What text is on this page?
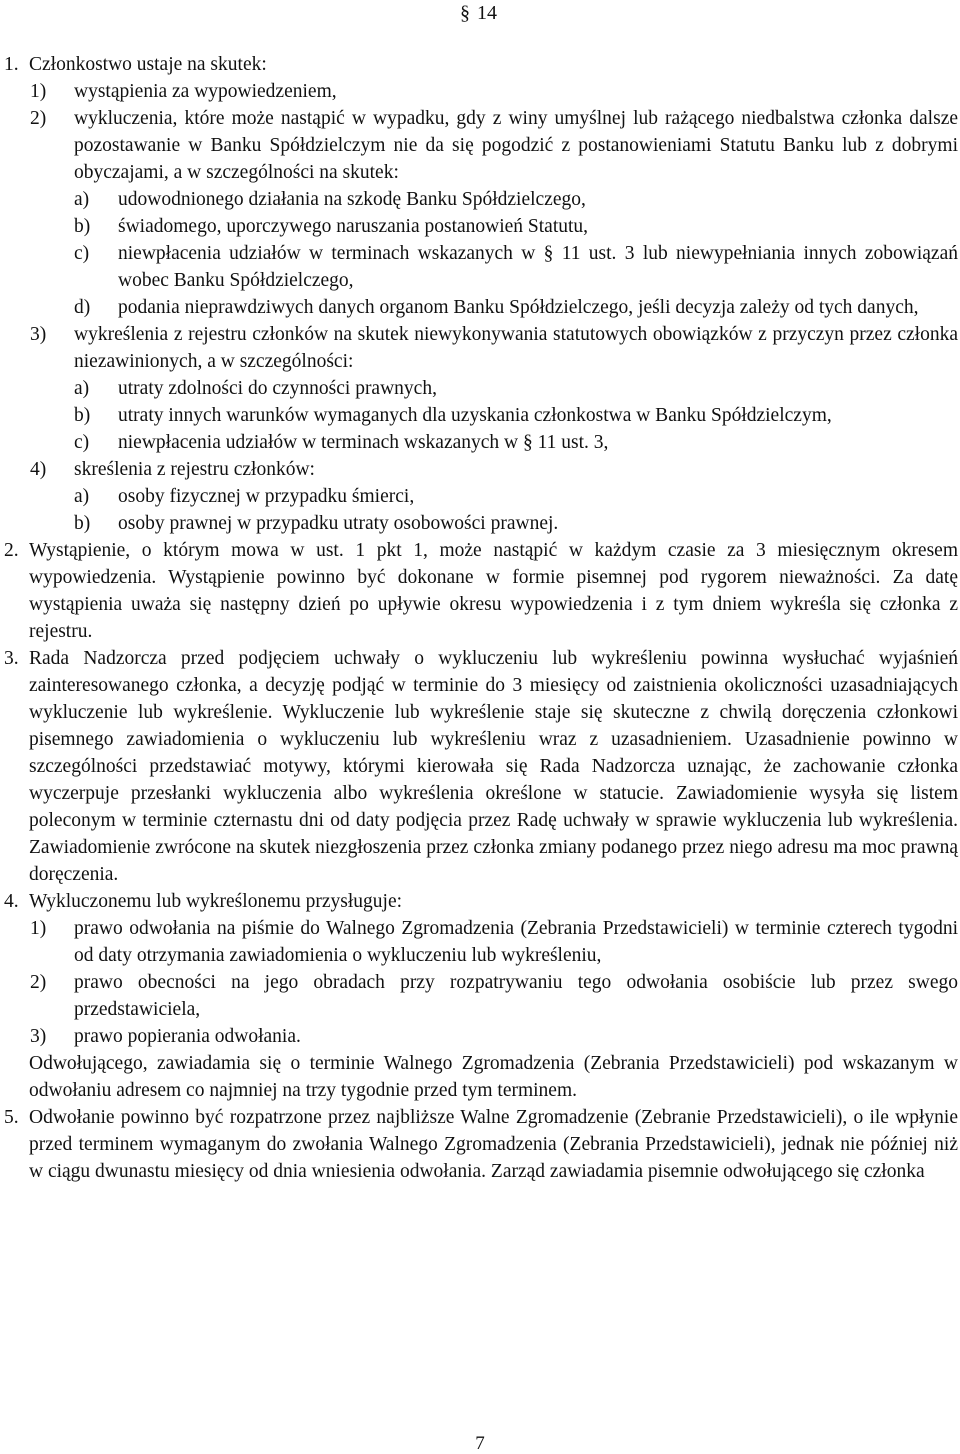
§ 14
1. Członkostwo ustaje na skutek:
1) wystąpienia za wypowiedzeniem,
2) wykluczenia, które może nastąpić w wypadku, gdy z winy umyślnej lub rażącego niedbalstwa członka dalsze pozostawanie w Banku Spółdzielczym nie da się pogodzić z postanowieniami Statutu Banku lub z dobrymi obyczajami, a w szczególności na skutek:
a) udowodnionego działania na szkodę Banku Spółdzielczego,
b) świadomego, uporczywego naruszania postanowień Statutu,
c) niewpłacenia udziałów w terminach wskazanych w § 11 ust. 3 lub niewypełniania innych zobowiązań wobec Banku Spółdzielczego,
d) podania nieprawdziwych danych organom Banku Spółdzielczego, jeśli decyzja zależy od tych danych,
3) wykreślenia z rejestru członków na skutek niewykonywania statutowych obowiązków z przyczyn przez członka niezawinionych, a w szczególności:
a) utraty zdolności do czynności prawnych,
b) utraty innych warunków wymaganych dla uzyskania członkostwa w Banku Spółdzielczym,
c) niewpłacenia udziałów w terminach wskazanych w § 11 ust. 3,
4) skreślenia z rejestru członków:
a) osoby fizycznej w przypadku śmierci,
b) osoby prawnej w przypadku utraty osobowości prawnej.
2. Wystąpienie, o którym mowa w ust. 1 pkt 1, może nastąpić w każdym czasie za 3 miesięcznym okresem wypowiedzenia. Wystąpienie powinno być dokonane w formie pisemnej pod rygorem nieważności. Za datę wystąpienia uważa się następny dzień po upływie okresu wypowiedzenia i z tym dniem wykreśla się członka z rejestru.
3. Rada Nadzorcza przed podjęciem uchwały o wykluczeniu lub wykreśleniu powinna wysłuchać wyjaśnień zainteresowanego członka, a decyzję podjąć w terminie do 3 miesięcy od zaistnienia okoliczności uzasadniających wykluczenie lub wykreślenie. Wykluczenie lub wykreślenie staje się skuteczne z chwilą doręczenia członkowi pisemnego zawiadomienia o wykluczeniu lub wykreśleniu wraz z uzasadnieniem. Uzasadnienie powinno w szczególności przedstawiać motywy, którymi kierowała się Rada Nadzorcza uznając, że zachowanie członka wyczerpuje przesłanki wykluczenia albo wykreślenia określone w statucie. Zawiadomienie wysyła się listem poleconym w terminie czternastu dni od daty podjęcia przez Radę uchwały w sprawie wykluczenia lub wykreślenia. Zawiadomienie zwrócone na skutek niezgłoszenia przez członka zmiany podanego przez niego adresu ma moc prawną doręczenia.
4. Wykluczonemu lub wykreślonemu przysługuje:
1) prawo odwołania na piśmie do Walnego Zgromadzenia (Zebrania Przedstawicieli) w terminie czterech tygodni od daty otrzymania zawiadomienia o wykluczeniu lub wykreśleniu,
2) prawo obecności na jego obradach przy rozpatrywaniu tego odwołania osobiście lub przez swego przedstawiciela,
3) prawo popierania odwołania.
Odwołującego, zawiadamia się o terminie Walnego Zgromadzenia (Zebrania Przedstawicieli) pod wskazanym w odwołaniu adresem co najmniej na trzy tygodnie przed tym terminem.
5. Odwołanie powinno być rozpatrzone przez najbliższe Walne Zgromadzenie (Zebranie Przedstawicieli), o ile wpłynie przed terminem wymaganym do zwołania Walnego Zgromadzenia (Zebrania Przedstawicieli), jednak nie później niż w ciągu dwunastu miesięcy od dnia wniesienia odwołania. Zarząd zawiadamia pisemnie odwołującego się członka
7
